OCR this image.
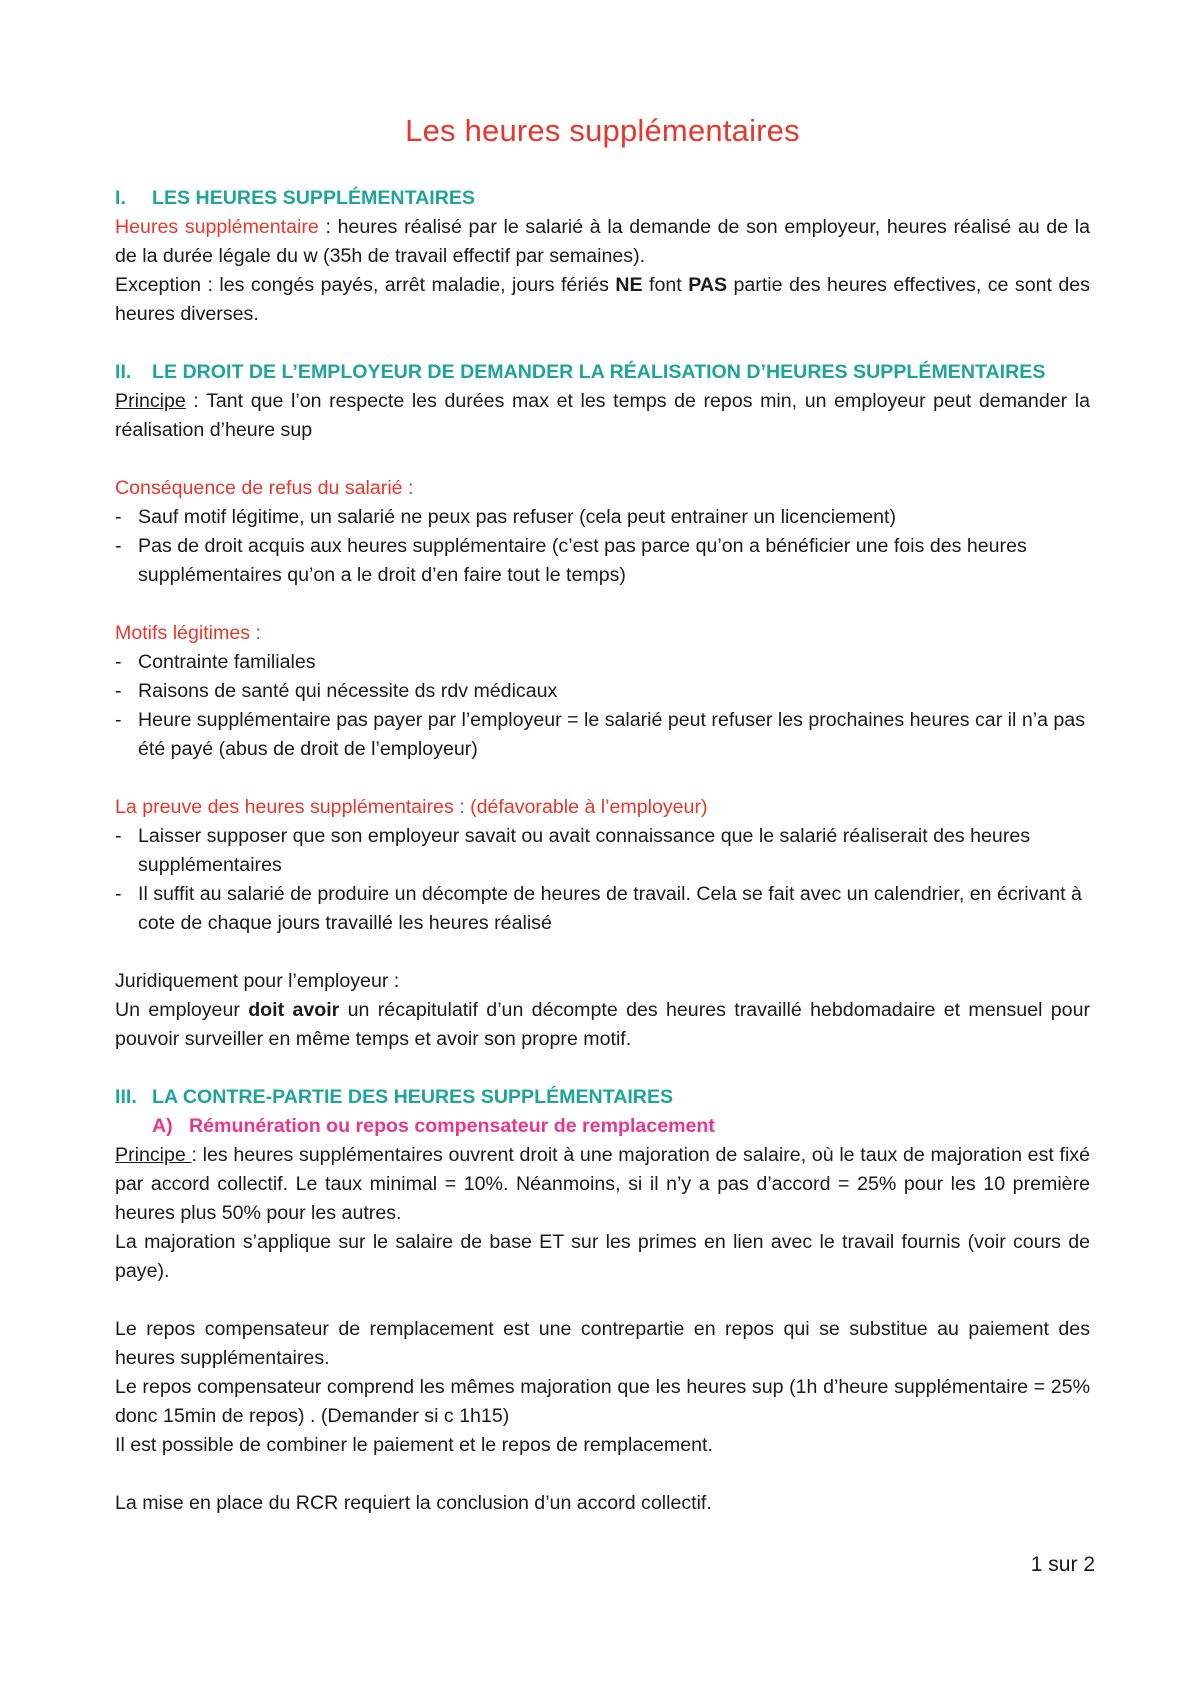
Les heures supplémentaires
I.	LES HEURES SUPPLÉMENTAIRES

Heures supplémentaire : heures réalisé par le salarié à la demande de son employeur, heures réalisé au de la de la durée légale du w (35h de travail effectif par semaines).

Exception : les congés payés, arrêt maladie, jours fériés NE font PAS partie des heures effectives, ce sont des heures diverses.

II.	LE DROIT DE L’EMPLOYEUR DE DEMANDER LA RÉALISATION D’HEURES SUPPLÉMENTAIRES

Principe : Tant que l’on respecte les durées max et les temps de repos min, un employeur peut demander la réalisation d’heure sup

Conséquence de refus du salarié :

- Sauf motif légitime, un salarié ne peux pas refuser (cela peut entrainer un licenciement)
- Pas de droit acquis aux heures supplémentaire (c’est pas parce qu’on a bénéficier une fois des heures supplémentaires qu’on a le droit d’en faire tout le temps)

Motifs légitimes :

- Contrainte familiales
- Raisons de santé qui nécessite ds rdv médicaux
- Heure supplémentaire pas payer par l’employeur = le salarié peut refuser les prochaines heures car il n’a pas été payé (abus de droit de l’employeur)

La preuve des heures supplémentaires : (défavorable à l’employeur)

- Laisser supposer que son employeur savait ou avait connaissance que le salarié réaliserait des heures supplémentaires
- Il suffit au salarié de produire un décompte de heures de travail. Cela se fait avec un calendrier, en écrivant à cote de chaque jours travaillé les heures réalisé

Juridiquement pour l’employeur :

Un employeur doit avoir un récapitulatif d’un décompte des heures travaillé hebdomadaire et mensuel pour pouvoir surveiller en même temps et avoir son propre motif.

III. LA CONTRE-PARTIE DES HEURES SUPPLÉMENTAIRES
A) Rémunération ou repos compensateur de remplacement

Principe : les heures supplémentaires ouvrent droit à une majoration de salaire, où le taux de majoration est fixé par accord collectif. Le taux minimal = 10%. Néanmoins, si il n’y a pas d’accord = 25% pour les 10 première heures plus 50% pour les autres.

La majoration s’applique sur le salaire de base ET sur les primes en lien avec le travail fournis (voir cours de paye).

Le repos compensateur de remplacement est une contrepartie en repos qui se substitue au paiement des heures supplémentaires.

Le repos compensateur comprend les mêmes majoration que les heures sup (1h d’heure supplémentaire = 25% donc 15min de repos) . (Demander si c 1h15)

Il est possible de combiner le paiement et le repos de remplacement.

La mise en place du RCR requiert la conclusion d’un accord collectif.

1 sur 2
